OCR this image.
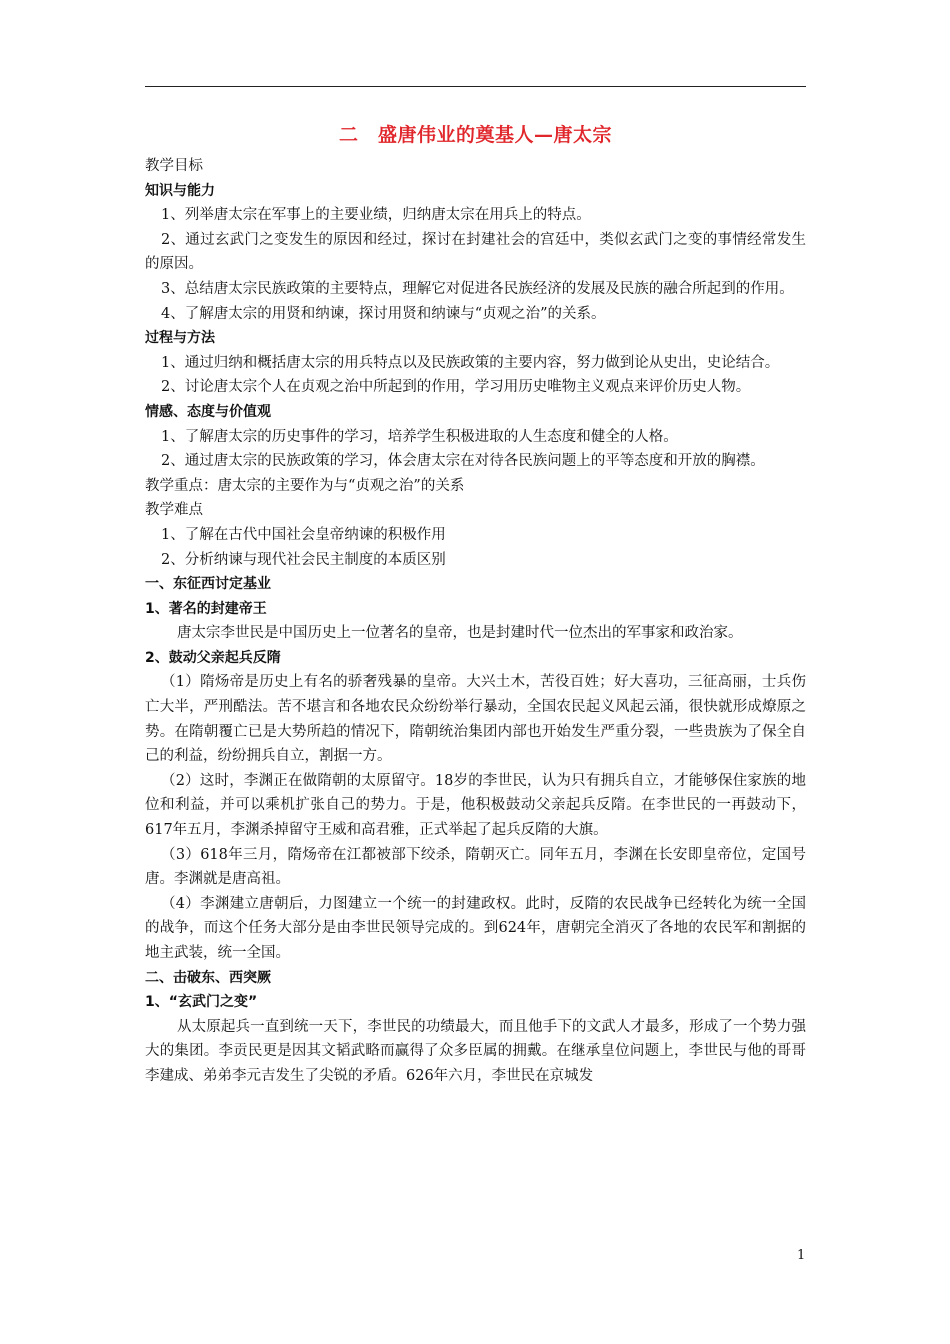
二　盛唐伟业的奠基人—唐太宗

教学目标

知识与能力

1、列举唐太宗在军事上的主要业绩，归纳唐太宗在用兵上的特点。

2、通过玄武门之变发生的原因和经过，探讨在封建社会的宫廷中，类似玄武门之变的事情经常发生的原因。

3、总结唐太宗民族政策的主要特点，理解它对促进各民族经济的发展及民族的融合所起到的作用。

4、了解唐太宗的用贤和纳谏，探讨用贤和纳谏与“贞观之治”的关系。

过程与方法

1、通过归纳和概括唐太宗的用兵特点以及民族政策的主要内容，努力做到论从史出，史论结合。

2、讨论唐太宗个人在贞观之治中所起到的作用，学习用历史唯物主义观点来评价历史人物。

情感、态度与价值观

1、了解唐太宗的历史事件的学习，培养学生积极进取的人生态度和健全的人格。

2、通过唐太宗的民族政策的学习，体会唐太宗在对待各民族问题上的平等态度和开放的胸襟。

教学重点：唐太宗的主要作为与“贞观之治”的关系

教学难点

1、了解在古代中国社会皇帝纳谏的积极作用

2、分析纳谏与现代社会民主制度的本质区别

一、东征西讨定基业

1、著名的封建帝王

唐太宗李世民是中国历史上一位著名的皇帝，也是封建时代一位杰出的军事家和政治家。

2、鼓动父亲起兵反隋

（1）隋炀帝是历史上有名的骄奢残暴的皇帝。大兴土木，苦役百姓；好大喜功，三征高丽，士兵伤亡大半，严刑酷法。苦不堪言和各地农民众纷纷举行暴动，全国农民起义风起云涌，很快就形成燎原之势。在隋朝覆亡已是大势所趋的情况下，隋朝统治集团内部也开始发生严重分裂，一些贵族为了保全自己的利益，纷纷拥兵自立，割据一方。

（2）这时，李渊正在做隋朝的太原留守。18岁的李世民，认为只有拥兵自立，才能够保住家族的地位和利益，并可以乘机扩张自己的势力。于是，他积极鼓动父亲起兵反隋。在李世民的一再鼓动下，617年五月，李渊杀掉留守王威和高君雅，正式举起了起兵反隋的大旗。

（3）618年三月，隋炀帝在江都被部下绞杀，隋朝灭亡。同年五月，李渊在长安即皇帝位，定国号唐。李渊就是唐高祖。

（4）李渊建立唐朝后，力图建立一个统一的封建政权。此时，反隋的农民战争已经转化为统一全国的战争，而这个任务大部分是由李世民领导完成的。到624年，唐朝完全消灭了各地的农民军和割据的地主武装，统一全国。

二、击破东、西突厥

1、“玄武门之变”

从太原起兵一直到统一天下，李世民的功绩最大，而且他手下的文武人才最多，形成了一个势力强大的集团。李贡民更是因其文韬武略而赢得了众多臣属的拥戴。在继承皇位问题上，李世民与他的哥哥李建成、弟弟李元吉发生了尖锐的矛盾。626年六月，李世民在京城发

1
